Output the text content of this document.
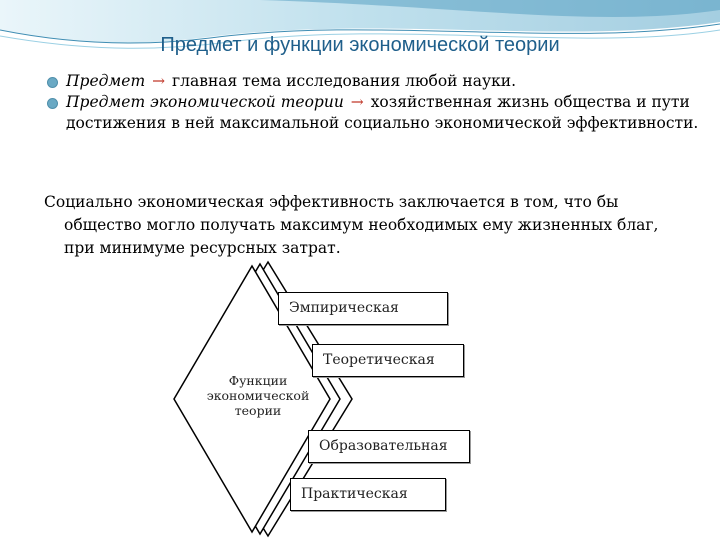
Предмет и функции экономической теории
Предмет → главная тема исследования любой науки.
Предмет экономической теории → хозяйственная жизнь общества и пути достижения в ней максимальной социально экономической эффективности.

Социально экономическая эффективность заключается в том, что бы общество могло получать максимум необходимых ему жизненных благ, при минимуме ресурсных затрат.

Функции
экономической
теории
Эмпирическая
Теоретическая
Образовательная
Практическая
